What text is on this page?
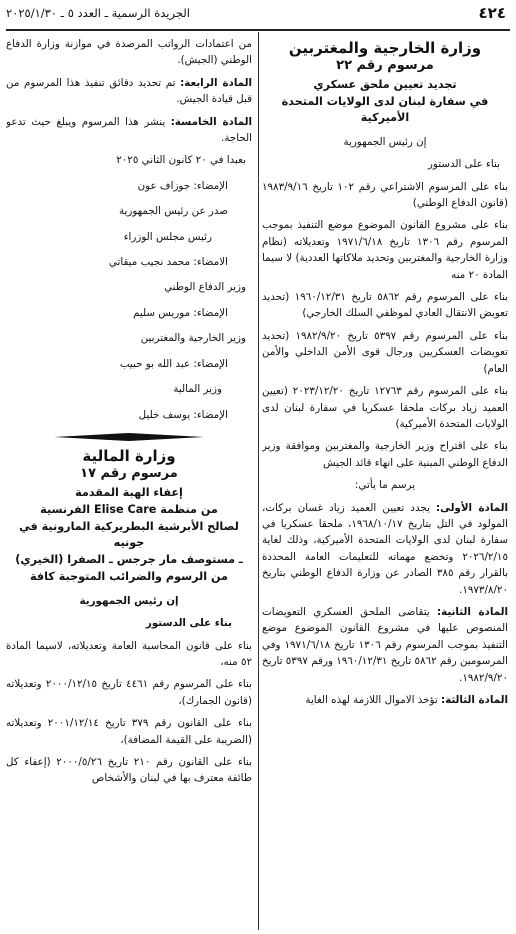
٤٢٤
الجريدة الرسمية ـ العدد ٥ ـ ٢٠٢٥/١/٣٠
وزارة الخارجية والمغتربين
مرسوم رقم ٢٢
تجديد تعيين ملحق عسكري
في سفارة لبنان لدى الولايات المتحدة الأميركية

إن رئيس الجمهورية

بناء على الدستور

بناء على المرسوم الاشتراعي رقم ١٠٢ تاريخ ١٩٨٣/٩/١٦ (قانون الدفاع الوطني)

بناء على مشروع القانون الموضوع موضع التنفيذ بموجب المرسوم رقم ١٣٠٦ تاريخ ١٩٧١/٦/١٨ وتعديلاته (نظام وزارة الخارجية والمغتربين وتحديد ملاكاتها العددية) لا سيما المادة ٢٠ منه

بناء على المرسوم رقم ٥٨٦٢ تاريخ ١٩٦٠/١٢/٣١ (تحديد تعويض الانتقال العادي لموظفي السلك الخارجي)

بناء على المرسوم رقم ٥٣٩٧ تاريخ ١٩٨٢/٩/٢٠ (تحديد تعويضات العسكريين ورجال قوى الأمن الداخلي والأمن العام)

بناء على المرسوم رقم ١٢٧٦٣ تاريخ ٢٠٢٣/١٢/٢٠ (تعيين العميد زياد بركات ملحقا عسكريا في سفارة لبنان لدى الولايات المتحدة الأميركية)

بناء على اقتراح وزير الخارجية والمغتربين وموافقة وزير الدفاع الوطني المبنية على انهاء قائد الجيش

يرسم ما يأتي:

المادة الأولى: يجدد تعيين العميد زياد غسان بركات، المولود في التل بتاريخ ١٩٦٨/١٠/١٧، ملحقا عسكريا في سفارة لبنان لدى الولايات المتحدة الأميركية، وذلك لغاية ٢٠٢٦/٢/١٥ وتخضع مهماته للتعليمات العامة المحددة بالقرار رقم ٣٨٥ الصادر عن وزارة الدفاع الوطني بتاريخ ١٩٧٣/٨/٢٠.

المادة الثانية: يتقاضى الملحق العسكري التعويضات المنصوص عليها في مشروع القانون الموضوع موضع التنفيذ بموجب المرسوم رقم ١٣٠٦ تاريخ ١٩٧١/٦/١٨ وفي المرسومين رقم ٥٨٦٢ تاريخ ١٩٦٠/١٢/٣١ ورقم ٥٣٩٧ تاريخ ١٩٨٢/٩/٢٠.

المادة الثالثة: تؤخذ الاموال اللازمة لهذه الغاية

من اعتمادات الرواتب المرصدة في موازنة وزارة الدفاع الوطني (الجيش).

المادة الرابعة: تم تحديد دقائق تنفيذ هذا المرسوم من قبل قيادة الجيش.

المادة الخامسة: ينشر هذا المرسوم ويبلغ حيث تدعو الحاجة.

بعبدا في ٢٠ كانون الثاني ٢٠٢٥

الإمضاء: جوزاف عون

صدر عن رئيس الجمهورية

رئيس مجلس الوزراء

الامضاء: محمد نجيب ميقاتي

وزير الدفاع الوطني

الإمضاء: موريس سليم

وزير الخارجية والمغتربين

الإمضاء: عبد الله بو حبيب

وزير المالية

الإمضاء: يوسف خليل

وزارة المالية
مرسوم رقم ١٧
إعفاء الهبة المقدمة
من منظمة Elise Care الفرنسية
لصالح الأبرشية البطريركية المارونية في جونيه
ـ مستوصف مار جرجس ـ الصفرا (الخيري)
من الرسوم والضرائب المتوجبة كافة

إن رئيس الجمهورية

بناء على الدستور

بناء على قانون المحاسبة العامة وتعديلاته، لاسيما المادة ٥٢ منه،

بناء على المرسوم رقم ٤٤٦١ تاريخ ٢٠٠٠/١٢/١٥ وتعديلاته (قانون الجمارك)،

بناء على القانون رقم ٣٧٩ تاريخ ٢٠٠١/١٢/١٤ وتعديلاته (الضريبة على القيمة المضافة)،

بناء على القانون رقم ٢١٠ تاريخ ٢٠٠٠/٥/٢٦ (إعفاء كل طائفة معترف بها في لبنان والأشخاص
